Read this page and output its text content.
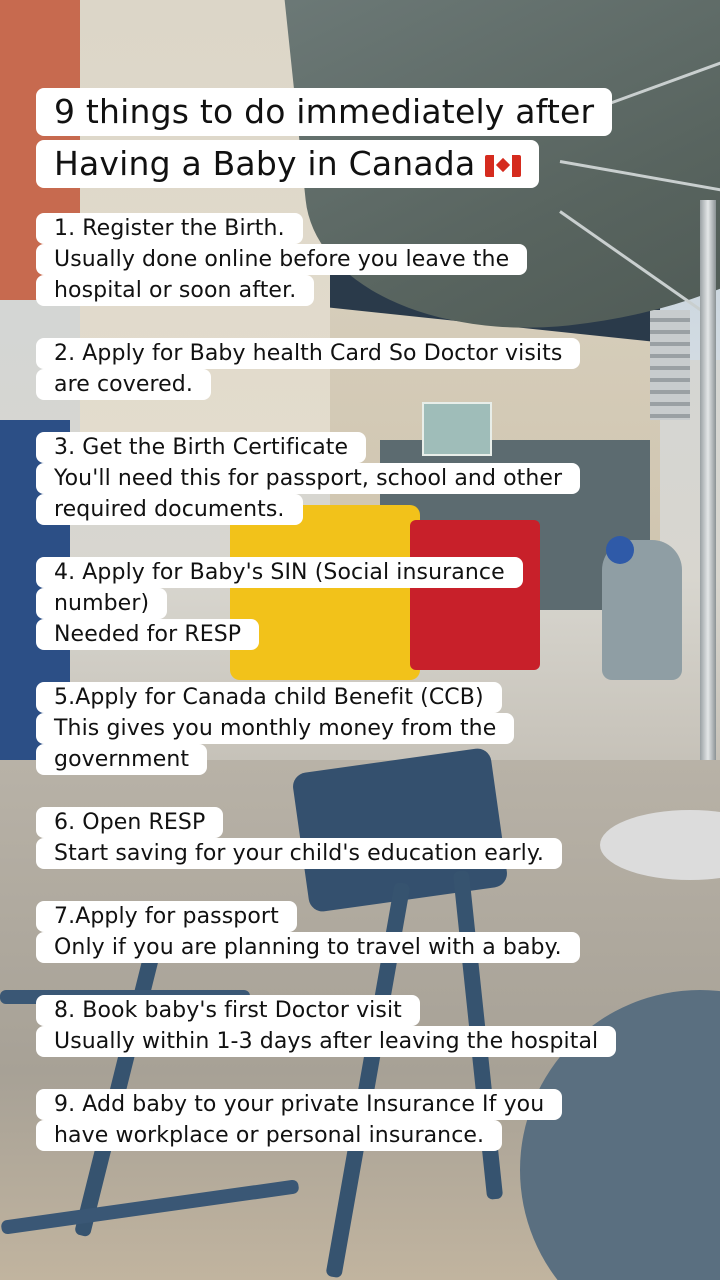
9 things to do immediately after
Having a Baby in Canada
1. Register the Birth.
Usually done online before you leave the
hospital or soon after.
2. Apply for Baby health Card So Doctor visits
are covered.
3. Get the Birth Certificate
You'll need this for passport, school and other
required documents.
4. Apply for Baby's SIN (Social insurance
number)
Needed for RESP
5.Apply for Canada child Benefit (CCB)
This gives you monthly money from the
government
6. Open RESP
Start saving for your child's education early.
7.Apply for passport
Only if you are planning to travel with a baby.
8. Book baby's first Doctor visit
Usually within 1-3 days after leaving the hospital
9. Add baby to your private Insurance If you
have workplace or personal insurance.
